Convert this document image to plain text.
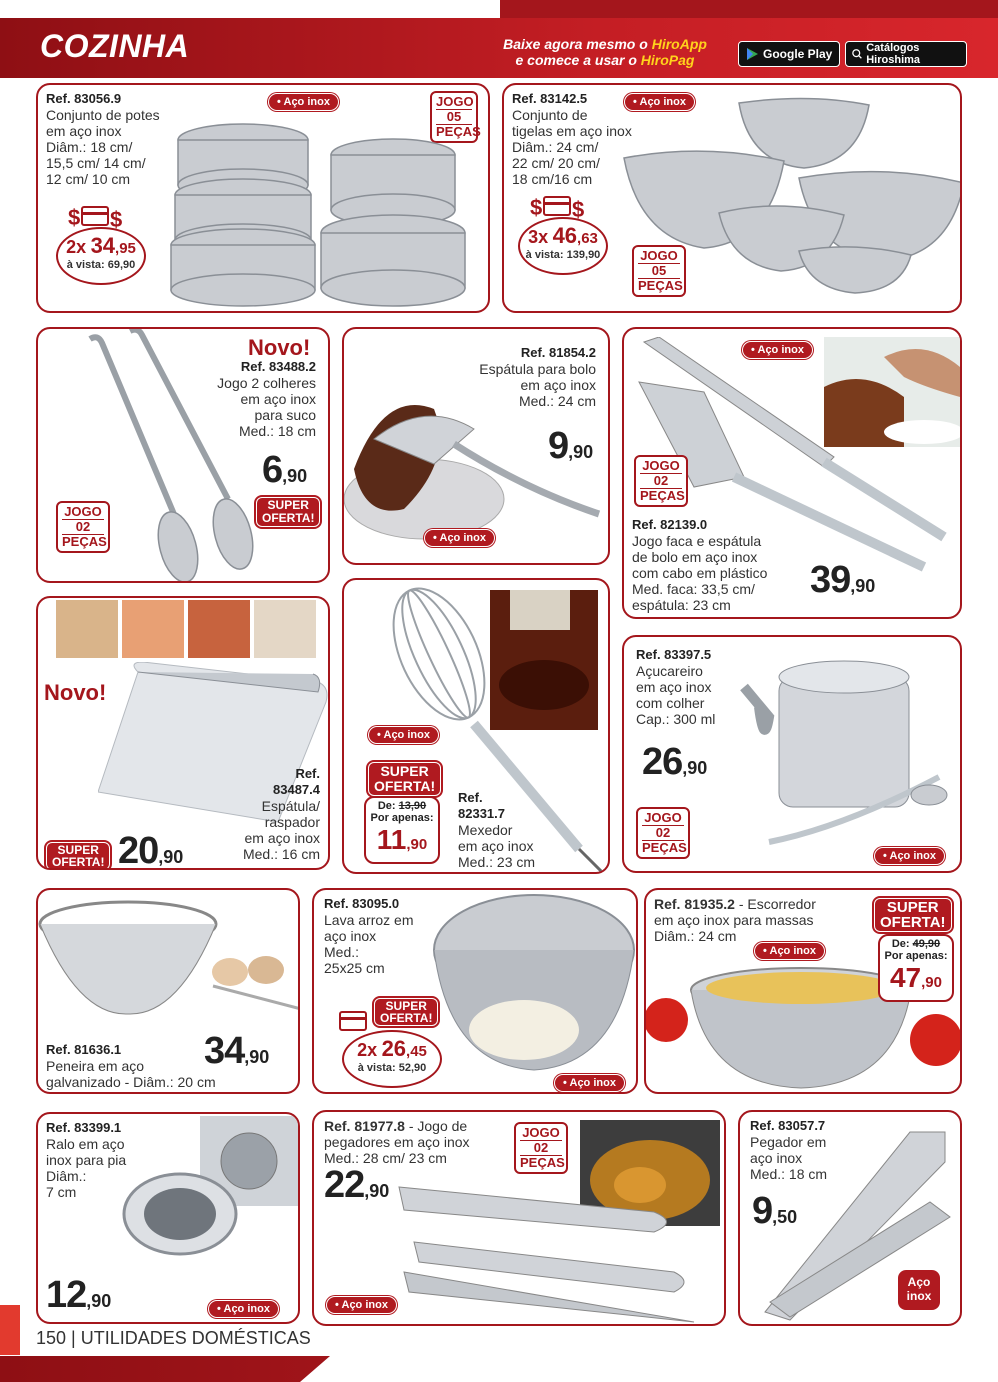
COZINHA	Baixe agora mesmo o HiroApp
e comece a usar o HiroPag	Google Play	Catálogos Hiroshima
Ref. 83056.9
Conjunto de potes
em aço inox
Diâm.: 18 cm/
15,5 cm/ 14 cm/
12 cm/ 10 cm
• Aço inox	JOGO
05
PEÇAS
2x 34,95
à vista: 69,90
$ $
Ref. 83142.5
Conjunto de
tigelas em aço inox
Diâm.: 24 cm/
22 cm/ 20 cm/
18 cm/16 cm
• Aço inox
JOGO
05
PEÇAS
3x 46,63
à vista: 139,90
$ $
Novo!
Ref. 83488.2
Jogo 2 colheres
em aço inox
para suco
Med.: 18 cm
6,90
SUPER
OFERTA!
JOGO
02
PEÇAS
Ref. 81854.2
Espátula para bolo
em aço inox
Med.: 24 cm
9,90
• Aço inox
• Aço inox
JOGO
02
PEÇAS
Ref. 82139.0
Jogo faca e espátula
de bolo em aço inox
com cabo em plástico
Med. faca: 33,5 cm/
espátula: 23 cm
39,90
Novo!
Ref.
83487.4
Espátula/
raspador
em aço inox
Med.: 16 cm
SUPER
OFERTA! 20,90
• Aço inox
SUPER
OFERTA!
De: 13,90
Por apenas:
11,90
Ref.
82331.7
Mexedor
em aço inox
Med.: 23 cm
Ref. 83397.5
Açucareiro
em aço inox
com colher
Cap.: 300 ml
26,90
JOGO
02
PEÇAS
• Aço inox
34,90
Ref. 81636.1
Peneira em aço
galvanizado - Diâm.: 20 cm
Ref. 83095.0
Lava arroz em
aço inox
Med.:
25x25 cm
SUPER
OFERTA!
2x 26,45
à vista: 52,90
• Aço inox
Ref. 81935.2 - Escorredor
em aço inox para massas
Diâm.: 24 cm
• Aço inox
SUPER
OFERTA!
De: 49,90
Por apenas:
47,90
Ref. 83399.1
Ralo em aço
inox para pia
Diâm.:
7 cm
12,90
•	Aço inox
Ref. 81977.8 - Jogo de
pegadores em aço inox
Med.: 28 cm/ 23 cm
JOGO
02
PEÇAS
22,90
• Aço inox
Ref. 83057.7
Pegador em
aço inox
Med.: 18 cm
9,50
Aço
inox
150 | UTILIDADES DOMÉSTICAS
